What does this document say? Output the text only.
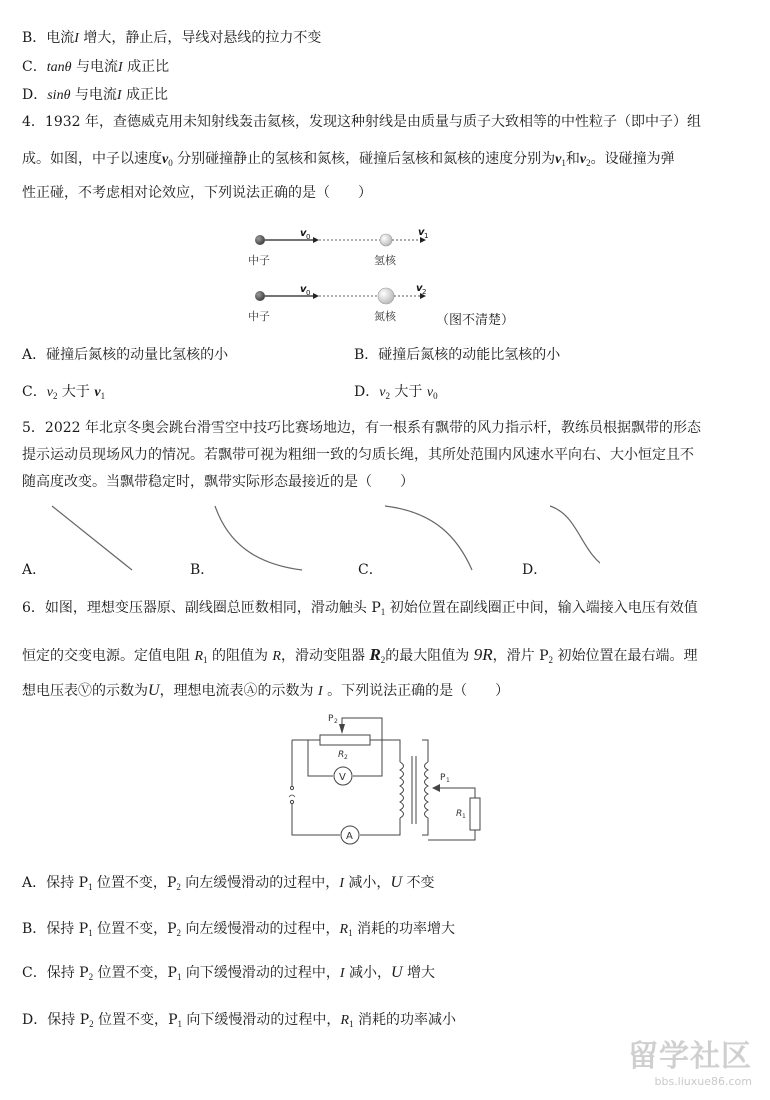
B．电流I 增大，静止后，导线对悬线的拉力不变
C．tanθ 与电流I 成正比
D．sinθ 与电流I 成正比
4．1932 年，查德威克用未知射线轰击氦核，发现这种射线是由质量与质子大致相等的中性粒子（即中子）组
成。如图，中子以速度$v_0$ 分别碰撞静止的氢核和氮核，碰撞后氢核和氮核的速度分别为$v_1$和$v_2$。设碰撞为弹
性正碰，不考虑相对论效应，下列说法正确的是（　　）
v 0	v 1
中子	氢核
v 0	v 2
中子	氮核	（图不清楚）
A．碰撞后氮核的动量比氢核的小	B．碰撞后氮核的动能比氢核的小
C．$v_2$ 大于 $v_1$	D．$v_2$ 大于 $v_0$
5．2022 年北京冬奥会跳台滑雪空中技巧比赛场地边，有一根系有飘带的风力指示杆，教练员根据飘带的形态
提示运动员现场风力的情况。若飘带可视为粗细一致的匀质长绳，其所处范围内风速水平向右、大小恒定且不
随高度改变。当飘带稳定时，飘带实际形态最接近的是（　　）
A．	B．	C．	D．
6．如图，理想变压器原、副线圈总匝数相同，滑动触头 $P_1$ 初始位置在副线圈正中间，输入端接入电压有效值
恒定的交变电源。定值电阻 $R_1$ 的阻值为 R，滑动变阻器 $R_2$的最大阻值为 9R，滑片 $P_2$ 初始位置在最右端。理
想电压表Ⓥ的示数为U，理想电流表Ⓐ的示数为 I 。下列说法正确的是（　　）
V
A
P 2
R 2
P 1
R 1
A．保持 $P_1$ 位置不变，$P_2$ 向左缓慢滑动的过程中，I 减小，U 不变
B．保持 $P_1$ 位置不变，$P_2$ 向左缓慢滑动的过程中，$R_1$ 消耗的功率增大
C．保持 $P_2$ 位置不变，$P_1$ 向下缓慢滑动的过程中，I 减小，U 增大
D．保持 $P_2$ 位置不变，$P_1$ 向下缓慢滑动的过程中，$R_1$ 消耗的功率减小
留学社区
bbs.liuxue86.com
